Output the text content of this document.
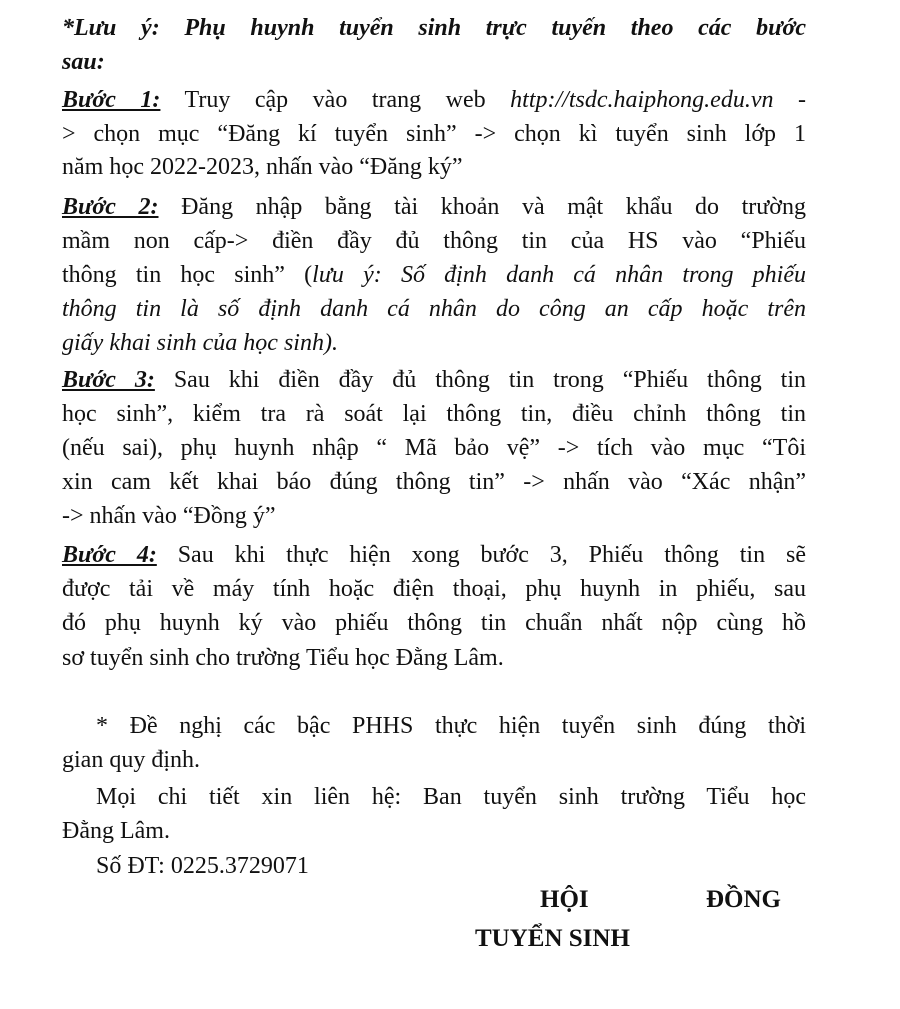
*Lưu ý: Phụ huynh tuyển sinh trực tuyến theo các bước
sau:
Bước 1: Truy cập vào trang web http://tsdc.haiphong.edu.vn -
> chọn mục “Đăng kí tuyển sinh” -> chọn kì tuyển sinh lớp 1
năm học 2022-2023, nhấn vào “Đăng ký”
Bước 2: Đăng nhập bằng tài khoản và mật khẩu do trường
mầm non cấp-> điền đầy đủ thông tin của HS vào “Phiếu
thông tin học sinh” (lưu ý: Số định danh cá nhân trong phiếu
thông tin là số định danh cá nhân do công an cấp hoặc trên
giấy khai sinh của học sinh).
Bước 3: Sau khi điền đầy đủ thông tin trong “Phiếu thông tin
học sinh”, kiểm tra rà soát lại thông tin, điều chỉnh thông tin
(nếu sai), phụ huynh nhập “ Mã bảo vệ” -> tích vào mục “Tôi
xin cam kết khai báo đúng thông tin” -> nhấn vào “Xác nhận”
-> nhấn vào “Đồng ý”
Bước 4: Sau khi thực hiện xong bước 3, Phiếu thông tin sẽ
được tải về máy tính hoặc điện thoại, phụ huynh in phiếu, sau
đó phụ huynh ký vào phiếu thông tin chuẩn nhất nộp cùng hồ
sơ tuyển sinh cho trường Tiểu học Đằng Lâm.
* Đề nghị các bậc PHHS thực hiện tuyển sinh đúng thời
gian quy định.
Mọi chi tiết xin liên hệ: Ban tuyển sinh trường Tiểu học
Đằng Lâm.
Số ĐT: 0225.3729071
HỘI	ĐỒNG
TUYỂN SINH
